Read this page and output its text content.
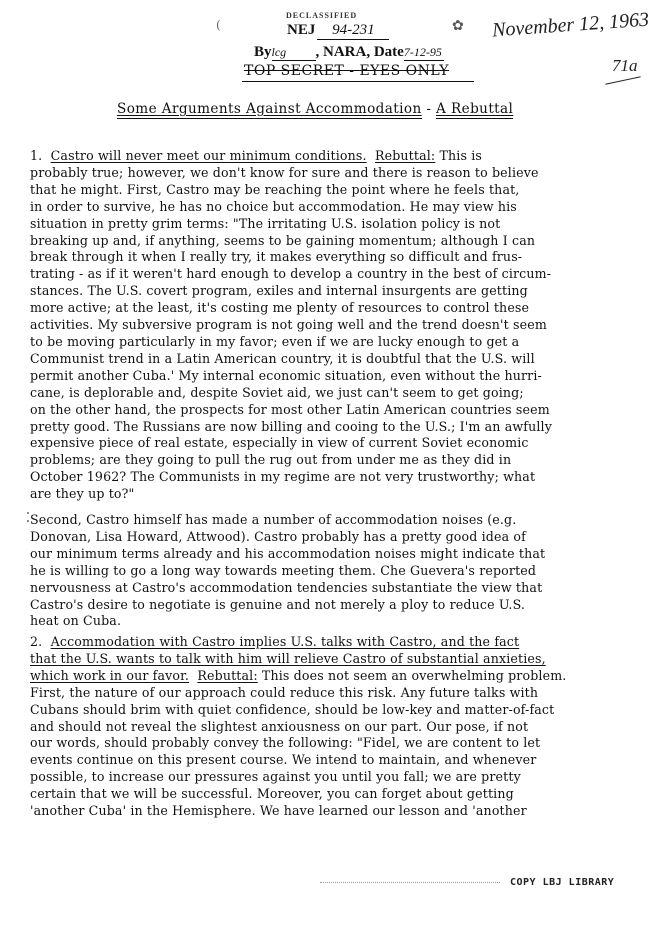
(
DECLASSIFIED
NEJ 94-231	✿
Bylcg , NARA, Date7-12-95
TOP SECRET - EYES ONLY
November 12, 1963
71a
Some Arguments Against Accommodation - A Rebuttal
1. Castro will never meet our minimum conditions. Rebuttal: This is
probably true; however, we don't know for sure and there is reason to believe
that he might. First, Castro may be reaching the point where he feels that,
in order to survive, he has no choice but accommodation. He may view his
situation in pretty grim terms: "The irritating U.S. isolation policy is not
breaking up and, if anything, seems to be gaining momentum; although I can
break through it when I really try, it makes everything so difficult and frus-
trating - as if it weren't hard enough to develop a country in the best of circum-
stances. The U.S. covert program, exiles and internal insurgents are getting
more active; at the least, it's costing me plenty of resources to control these
activities. My subversive program is not going well and the trend doesn't seem
to be moving particularly in my favor; even if we are lucky enough to get a
Communist trend in a Latin American country, it is doubtful that the U.S. will
permit another Cuba.' My internal economic situation, even without the hurri-
cane, is deplorable and, despite Soviet aid, we just can't seem to get going;
on the other hand, the prospects for most other Latin American countries seem
pretty good. The Russians are now billing and cooing to the U.S.; I'm an awfully
expensive piece of real estate, especially in view of current Soviet economic
problems; are they going to pull the rug out from under me as they did in
October 1962? The Communists in my regime are not very trustworthy; what
are they up to?"
Second, Castro himself has made a number of accommodation noises (e.g.
Donovan, Lisa Howard, Attwood). Castro probably has a pretty good idea of
our minimum terms already and his accommodation noises might indicate that
he is willing to go a long way towards meeting them. Che Guevera's reported
nervousness at Castro's accommodation tendencies substantiate the view that
Castro's desire to negotiate is genuine and not merely a ploy to reduce U.S.
heat on Cuba.
2. Accommodation with Castro implies U.S. talks with Castro, and the fact
that the U.S. wants to talk with him will relieve Castro of substantial anxieties,
which work in our favor. Rebuttal: This does not seem an overwhelming problem.
First, the nature of our approach could reduce this risk. Any future talks with
Cubans should brim with quiet confidence, should be low-key and matter-of-fact
and should not reveal the slightest anxiousness on our part. Our pose, if not
our words, should probably convey the following: "Fidel, we are content to let
events continue on this present course. We intend to maintain, and whenever
possible, to increase our pressures against you until you fall; we are pretty
certain that we will be successful. Moreover, you can forget about getting
'another Cuba' in the Hemisphere. We have learned our lesson and 'another
COPY LBJ LIBRARY
